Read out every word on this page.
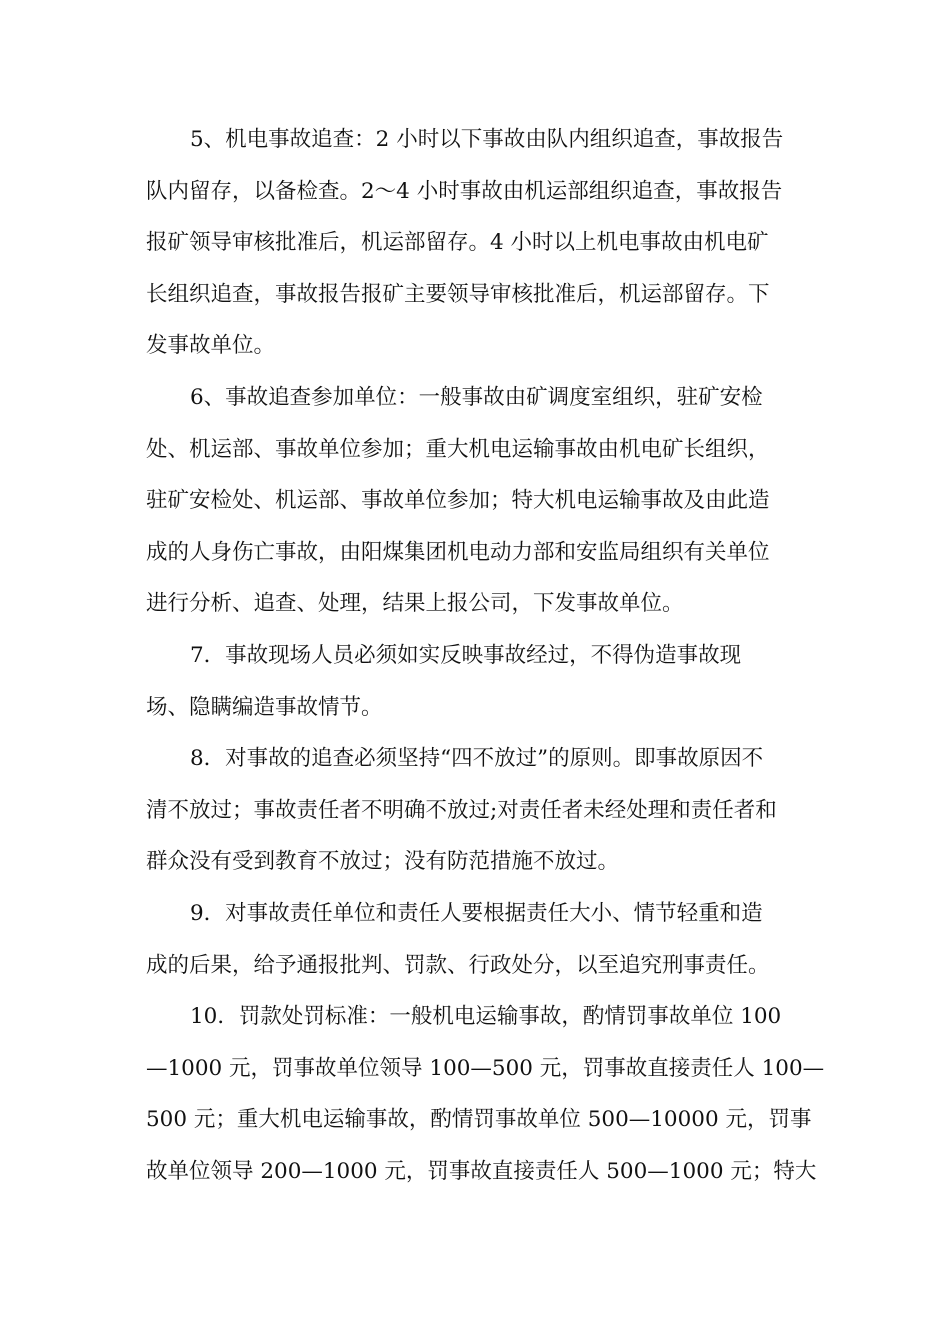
5、机电事故追查：2 小时以下事故由队内组织追查，事故报告
队内留存，以备检查。2～4 小时事故由机运部组织追查，事故报告
报矿领导审核批准后，机运部留存。4 小时以上机电事故由机电矿
长组织追查，事故报告报矿主要领导审核批准后，机运部留存。下
发事故单位。
6、事故追查参加单位：一般事故由矿调度室组织，驻矿安检
处、机运部、事故单位参加；重大机电运输事故由机电矿长组织，
驻矿安检处、机运部、事故单位参加；特大机电运输事故及由此造
成的人身伤亡事故，由阳煤集团机电动力部和安监局组织有关单位
进行分析、追查、处理，结果上报公司，下发事故单位。
7．事故现场人员必须如实反映事故经过，不得伪造事故现
场、隐瞒编造事故情节。
8．对事故的追查必须坚持“四不放过”的原则。即事故原因不
清不放过；事故责任者不明确不放过;对责任者未经处理和责任者和
群众没有受到教育不放过；没有防范措施不放过。
9．对事故责任单位和责任人要根据责任大小、情节轻重和造
成的后果，给予通报批判、罚款、行政处分，以至追究刑事责任。
10．罚款处罚标准：一般机电运输事故，酌情罚事故单位 100
—1000 元，罚事故单位领导 100—500 元，罚事故直接责任人 100—
500 元；重大机电运输事故，酌情罚事故单位 500—10000 元，罚事
故单位领导 200—1000 元，罚事故直接责任人 500—1000 元；特大
